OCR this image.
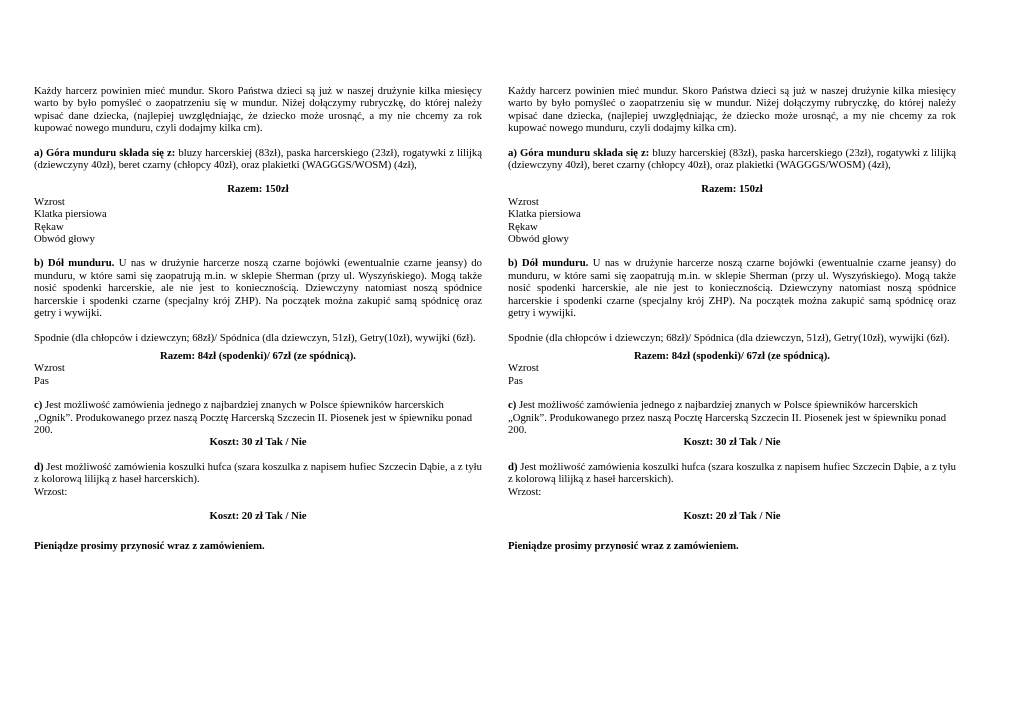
Każdy harcerz powinien mieć mundur. Skoro Państwa dzieci są już w naszej drużynie kilka miesięcy warto by było pomyśleć o zaopatrzeniu się w mundur. Niżej dołączymy rubryczkę, do której należy wpisać dane dziecka, (najlepiej uwzględniając, że dziecko może urosnąć, a my nie chcemy za rok kupować nowego munduru, czyli dodajmy kilka cm).

a) Góra munduru składa się z: bluzy harcerskiej (83zł), paska harcerskiego (23zł), rogatywki z lilijką (dziewczyny 40zł), beret czarny (chłopcy 40zł), oraz plakietki (WAGGGS/WOSM) (4zł),

Razem: 150zł

Wzrost

Klatka piersiowa

Rękaw

Obwód głowy

b) Dół munduru. U nas w drużynie harcerze noszą czarne bojówki (ewentualnie czarne jeansy) do munduru, w które sami się zaopatrują m.in. w sklepie Sherman (przy ul. Wyszyńskiego). Mogą także nosić spodenki harcerskie, ale nie jest to koniecznością. Dziewczyny natomiast noszą spódnice harcerskie i spodenki czarne (specjalny krój ZHP). Na początek można zakupić samą spódnicę oraz getry i wywijki.

Spodnie (dla chłopców i dziewczyn; 68zł)/ Spódnica (dla dziewczyn, 51zł), Getry(10zł), wywijki (6zł).

Razem: 84zł (spodenki)/ 67zł (ze spódnicą).

Wzrost

Pas

c) Jest możliwość zamówienia jednego z najbardziej znanych w Polsce śpiewników harcerskich „Ognik”. Produkowanego przez naszą Pocztę Harcerską Szczecin II. Piosenek jest w śpiewniku ponad 200.

Koszt: 30 zł Tak / Nie

d) Jest możliwość zamówienia koszulki hufca (szara koszulka z napisem hufiec Szczecin Dąbie, a z tyłu z kolorową lilijką z haseł harcerskich).

Wrzost:

Koszt: 20 zł Tak / Nie

Pieniądze prosimy przynosić wraz z zamówieniem.

Każdy harcerz powinien mieć mundur. Skoro Państwa dzieci są już w naszej drużynie kilka miesięcy warto by było pomyśleć o zaopatrzeniu się w mundur. Niżej dołączymy rubryczkę, do której należy wpisać dane dziecka, (najlepiej uwzględniając, że dziecko może urosnąć, a my nie chcemy za rok kupować nowego munduru, czyli dodajmy kilka cm).

a) Góra munduru składa się z: bluzy harcerskiej (83zł), paska harcerskiego (23zł), rogatywki z lilijką (dziewczyny 40zł), beret czarny (chłopcy 40zł), oraz plakietki (WAGGGS/WOSM) (4zł),

Razem: 150zł

Wzrost

Klatka piersiowa

Rękaw

Obwód głowy

b) Dół munduru. U nas w drużynie harcerze noszą czarne bojówki (ewentualnie czarne jeansy) do munduru, w które sami się zaopatrują m.in. w sklepie Sherman (przy ul. Wyszyńskiego). Mogą także nosić spodenki harcerskie, ale nie jest to koniecznością. Dziewczyny natomiast noszą spódnice harcerskie i spodenki czarne (specjalny krój ZHP). Na początek można zakupić samą spódnicę oraz getry i wywijki.

Spodnie (dla chłopców i dziewczyn; 68zł)/ Spódnica (dla dziewczyn, 51zł), Getry(10zł), wywijki (6zł).

Razem: 84zł (spodenki)/ 67zł (ze spódnicą).

Wzrost

Pas

c) Jest możliwość zamówienia jednego z najbardziej znanych w Polsce śpiewników harcerskich „Ognik”. Produkowanego przez naszą Pocztę Harcerską Szczecin II. Piosenek jest w śpiewniku ponad 200.

Koszt: 30 zł Tak / Nie

d) Jest możliwość zamówienia koszulki hufca (szara koszulka z napisem hufiec Szczecin Dąbie, a z tyłu z kolorową lilijką z haseł harcerskich).

Wrzost:

Koszt: 20 zł Tak / Nie

Pieniądze prosimy przynosić wraz z zamówieniem.
